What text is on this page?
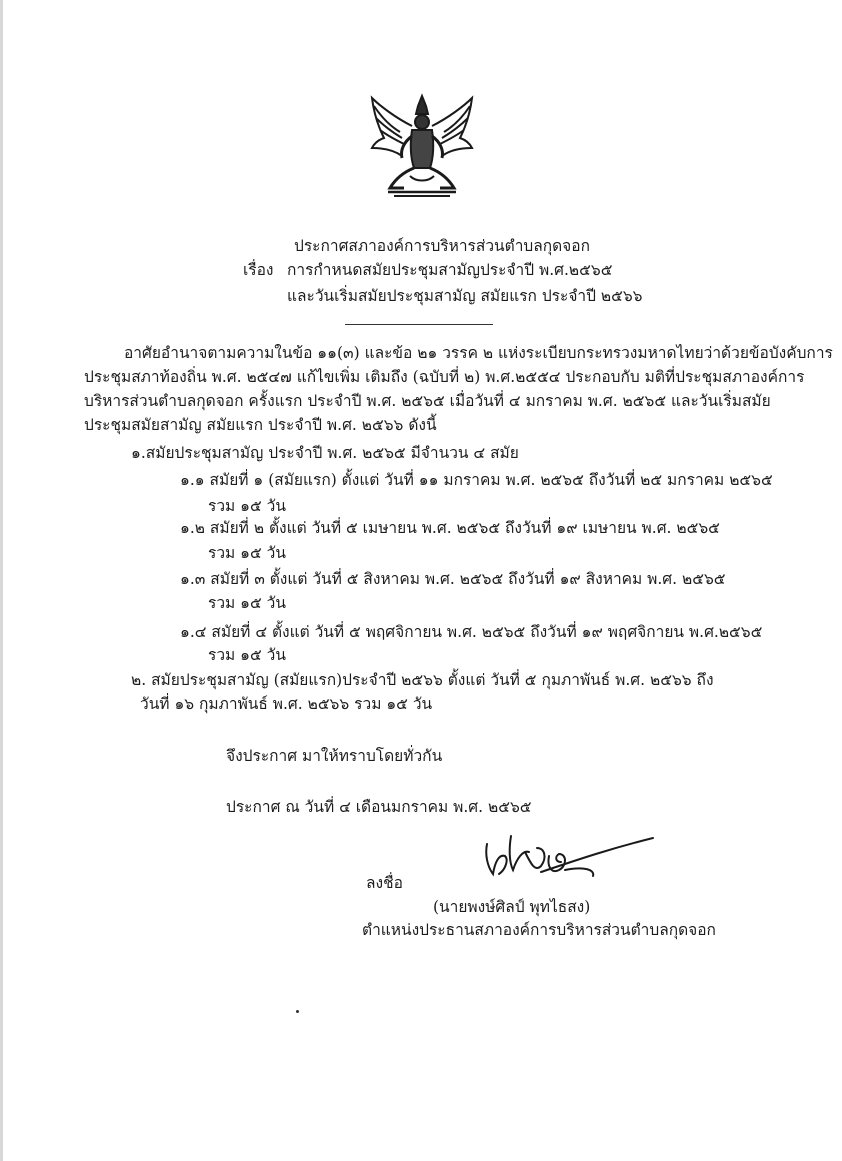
ประกาศสภาองค์การบริหารส่วนตำบลกุดจอก
เรื่อง การกำหนดสมัยประชุมสามัญประจำปี พ.ศ.๒๕๖๕
และวันเริ่มสมัยประชุมสามัญ สมัยแรก ประจำปี ๒๕๖๖
อาศัยอำนาจตามความในข้อ ๑๑(๓) และข้อ ๒๑ วรรค ๒ แห่งระเบียบกระทรวงมหาดไทยว่าด้วยข้อบังคับการ
ประชุมสภาท้องถิ่น พ.ศ. ๒๕๔๗ แก้ไขเพิ่ม เติมถึง (ฉบับที่ ๒) พ.ศ.๒๕๕๔ ประกอบกับ มติที่ประชุมสภาองค์การ
บริหารส่วนตำบลกุดจอก ครั้งแรก ประจำปี พ.ศ. ๒๕๖๕ เมื่อวันที่ ๔ มกราคม พ.ศ. ๒๕๖๕ และวันเริ่มสมัย
ประชุมสมัยสามัญ สมัยแรก ประจำปี พ.ศ. ๒๕๖๖ ดังนี้
๑.สมัยประชุมสามัญ ประจำปี พ.ศ. ๒๕๖๕ มีจำนวน ๔ สมัย
๑.๑ สมัยที่ ๑ (สมัยแรก) ตั้งแต่ วันที่ ๑๑ มกราคม พ.ศ. ๒๕๖๕ ถึงวันที่ ๒๕ มกราคม ๒๕๖๕
รวม ๑๕ วัน
๑.๒ สมัยที่ ๒ ตั้งแต่ วันที่ ๕ เมษายน พ.ศ. ๒๕๖๕ ถึงวันที่ ๑๙ เมษายน พ.ศ. ๒๕๖๕
รวม ๑๕ วัน
๑.๓ สมัยที่ ๓ ตั้งแต่ วันที่ ๕ สิงหาคม พ.ศ. ๒๕๖๕ ถึงวันที่ ๑๙ สิงหาคม พ.ศ. ๒๕๖๕
รวม ๑๕ วัน
๑.๔ สมัยที่ ๔ ตั้งแต่ วันที่ ๕ พฤศจิกายน พ.ศ. ๒๕๖๕ ถึงวันที่ ๑๙ พฤศจิกายน พ.ศ.๒๕๖๕
รวม ๑๕ วัน
๒. สมัยประชุมสามัญ (สมัยแรก)ประจำปี ๒๕๖๖ ตั้งแต่ วันที่ ๕ กุมภาพันธ์ พ.ศ. ๒๕๖๖ ถึง
วันที่ ๑๖ กุมภาพันธ์ พ.ศ. ๒๕๖๖ รวม ๑๕ วัน
จึงประกาศ มาให้ทราบโดยทั่วกัน
ประกาศ ณ วันที่ ๔ เดือนมกราคม พ.ศ. ๒๕๖๕
ลงชื่อ
(นายพงษ์ศิลป์ พุทไธสง)
ตำแหน่งประธานสภาองค์การบริหารส่วนตำบลกุดจอก
